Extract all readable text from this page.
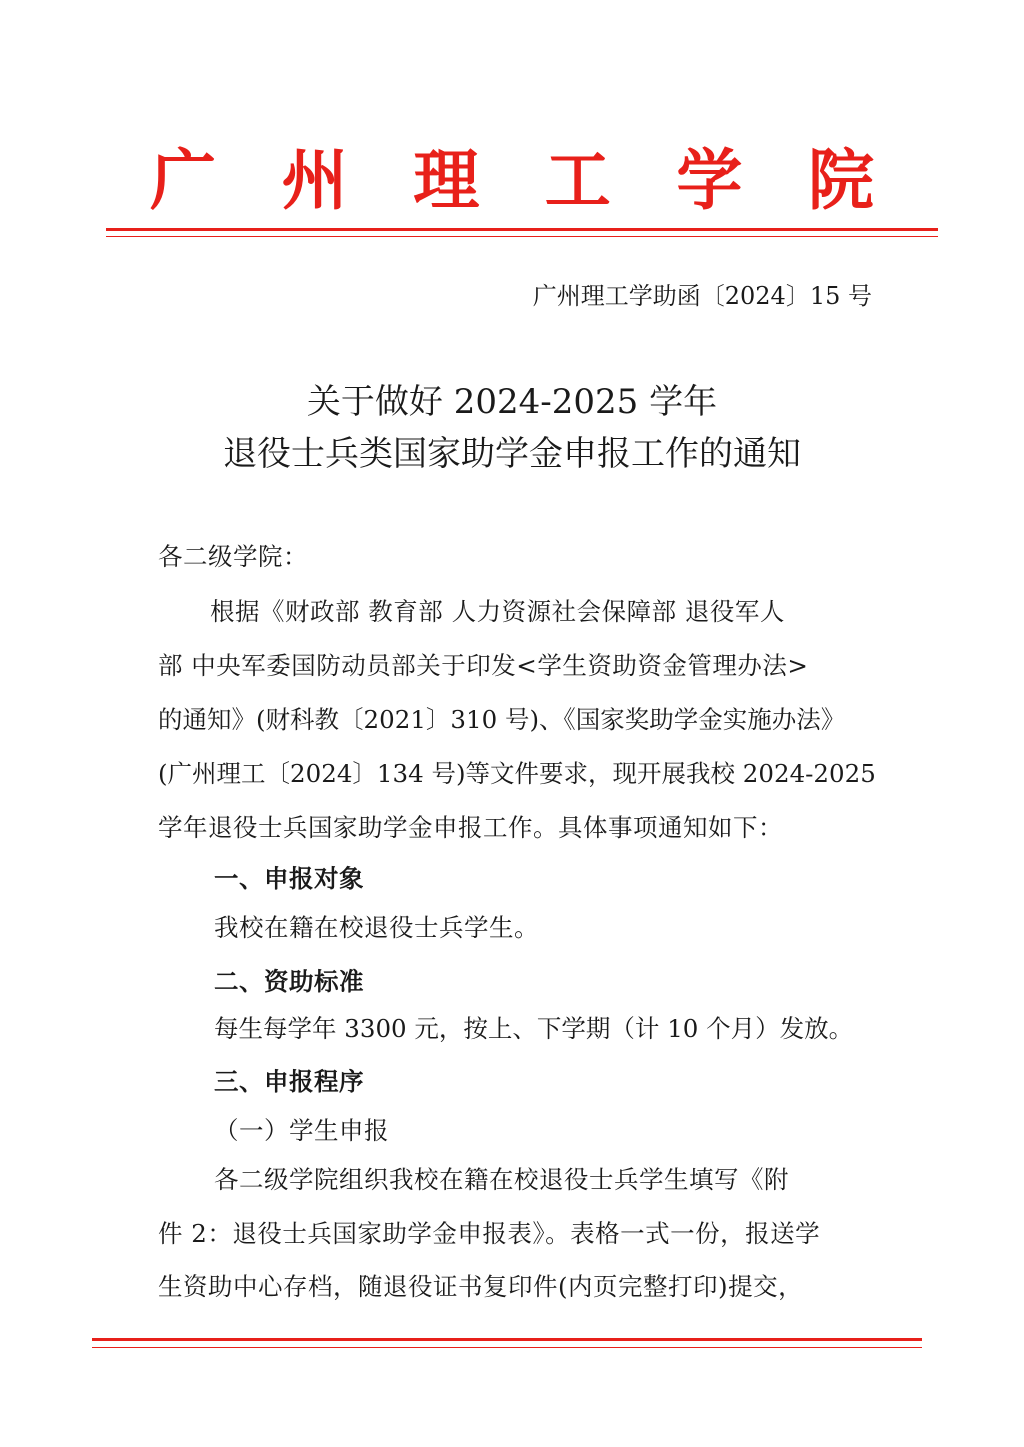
广 州 理 工 学 院
广州理工学助函〔2024〕15 号
关于做好 2024-2025 学年
退役士兵类国家助学金申报工作的通知
各二级学院：
根据《财政部 教育部 人力资源社会保障部 退役军人
部 中央军委国防动员部关于印发<学生资助资金管理办法>
的通知》(财科教〔2021〕310 号)、《国家奖助学金实施办法》
(广州理工〔2024〕134 号)等文件要求，现开展我校 2024-2025
学年退役士兵国家助学金申报工作。具体事项通知如下：
一、申报对象
我校在籍在校退役士兵学生。
二、资助标准
每生每学年 3300 元，按上、下学期（计 10 个月）发放。
三、申报程序
（一）学生申报
各二级学院组织我校在籍在校退役士兵学生填写《附
件 2：退役士兵国家助学金申报表》。表格一式一份，报送学
生资助中心存档，随退役证书复印件(内页完整打印)提交，
